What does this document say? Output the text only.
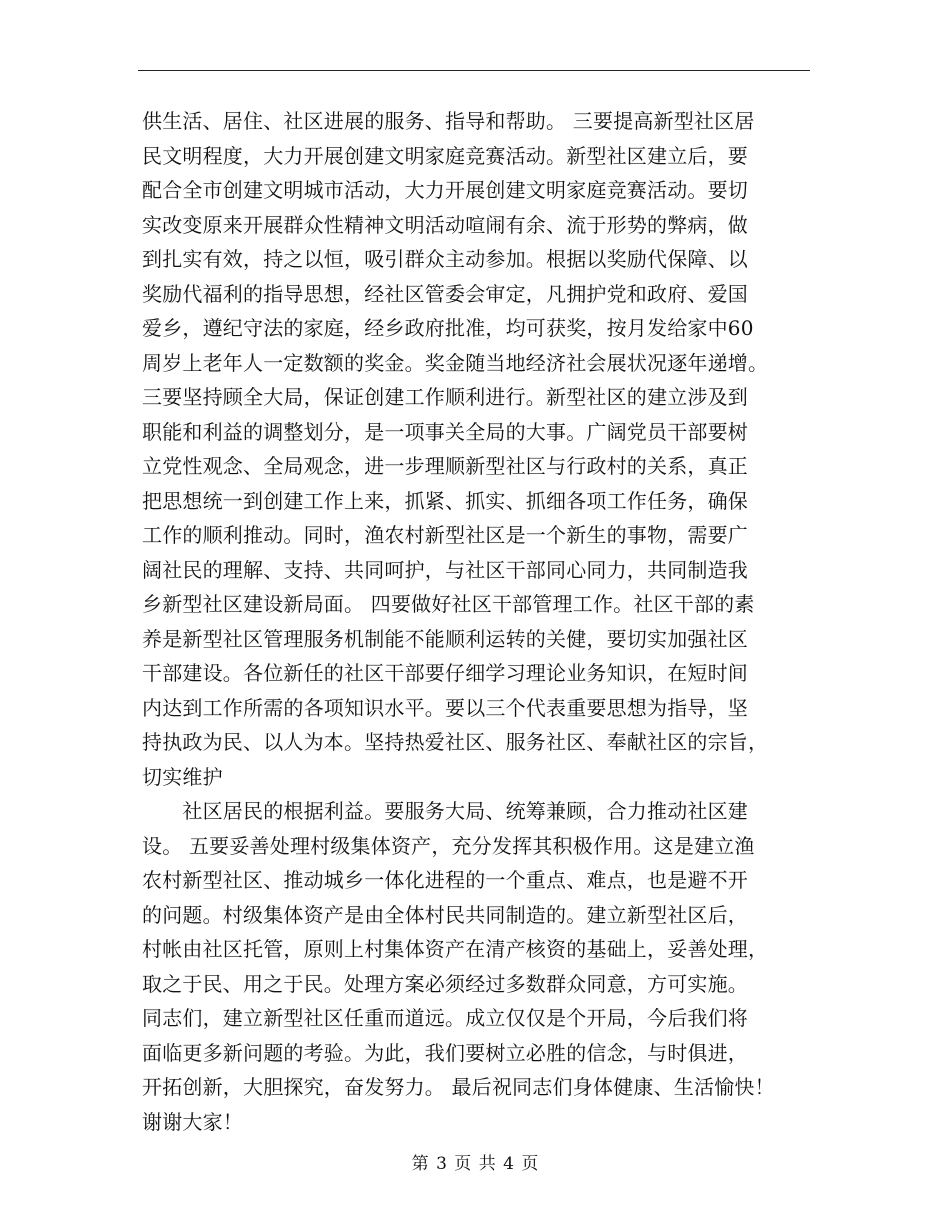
供生活、居住、社区进展的服务、指导和帮助。 三要提高新型社区居
民文明程度，大力开展创建文明家庭竞赛活动。新型社区建立后，要
配合全市创建文明城市活动，大力开展创建文明家庭竞赛活动。要切
实改变原来开展群众性精神文明活动喧闹有余、流于形势的弊病，做
到扎实有效，持之以恒，吸引群众主动参加。根据以奖励代保障、以
奖励代福利的指导思想，经社区管委会审定，凡拥护党和政府、爱国
爱乡，遵纪守法的家庭，经乡政府批准，均可获奖，按月发给家中60
周岁上老年人一定数额的奖金。奖金随当地经济社会展状况逐年递增。
三要坚持顾全大局，保证创建工作顺利进行。新型社区的建立涉及到
职能和利益的调整划分，是一项事关全局的大事。广阔党员干部要树
立党性观念、全局观念，进一步理顺新型社区与行政村的关系，真正
把思想统一到创建工作上来，抓紧、抓实、抓细各项工作任务，确保
工作的顺利推动。同时，渔农村新型社区是一个新生的事物，需要广
阔社民的理解、支持、共同呵护，与社区干部同心同力，共同制造我
乡新型社区建设新局面。 四要做好社区干部管理工作。社区干部的素
养是新型社区管理服务机制能不能顺利运转的关健，要切实加强社区
干部建设。各位新任的社区干部要仔细学习理论业务知识，在短时间
内达到工作所需的各项知识水平。要以三个代表重要思想为指导，坚
持执政为民、以人为本。坚持热爱社区、服务社区、奉献社区的宗旨，
切实维护
　　社区居民的根据利益。要服务大局、统筹兼顾，合力推动社区建
设。 五要妥善处理村级集体资产，充分发挥其积极作用。这是建立渔
农村新型社区、推动城乡一体化进程的一个重点、难点，也是避不开
的问题。村级集体资产是由全体村民共同制造的。建立新型社区后，
村帐由社区托管，原则上村集体资产在清产核资的基础上，妥善处理，
取之于民、用之于民。处理方案必须经过多数群众同意，方可实施。
同志们，建立新型社区任重而道远。成立仅仅是个开局，今后我们将
面临更多新问题的考验。为此，我们要树立必胜的信念，与时俱进，
开拓创新，大胆探究，奋发努力。 最后祝同志们身体健康、生活愉快！
谢谢大家！
第 3 页 共 4 页
